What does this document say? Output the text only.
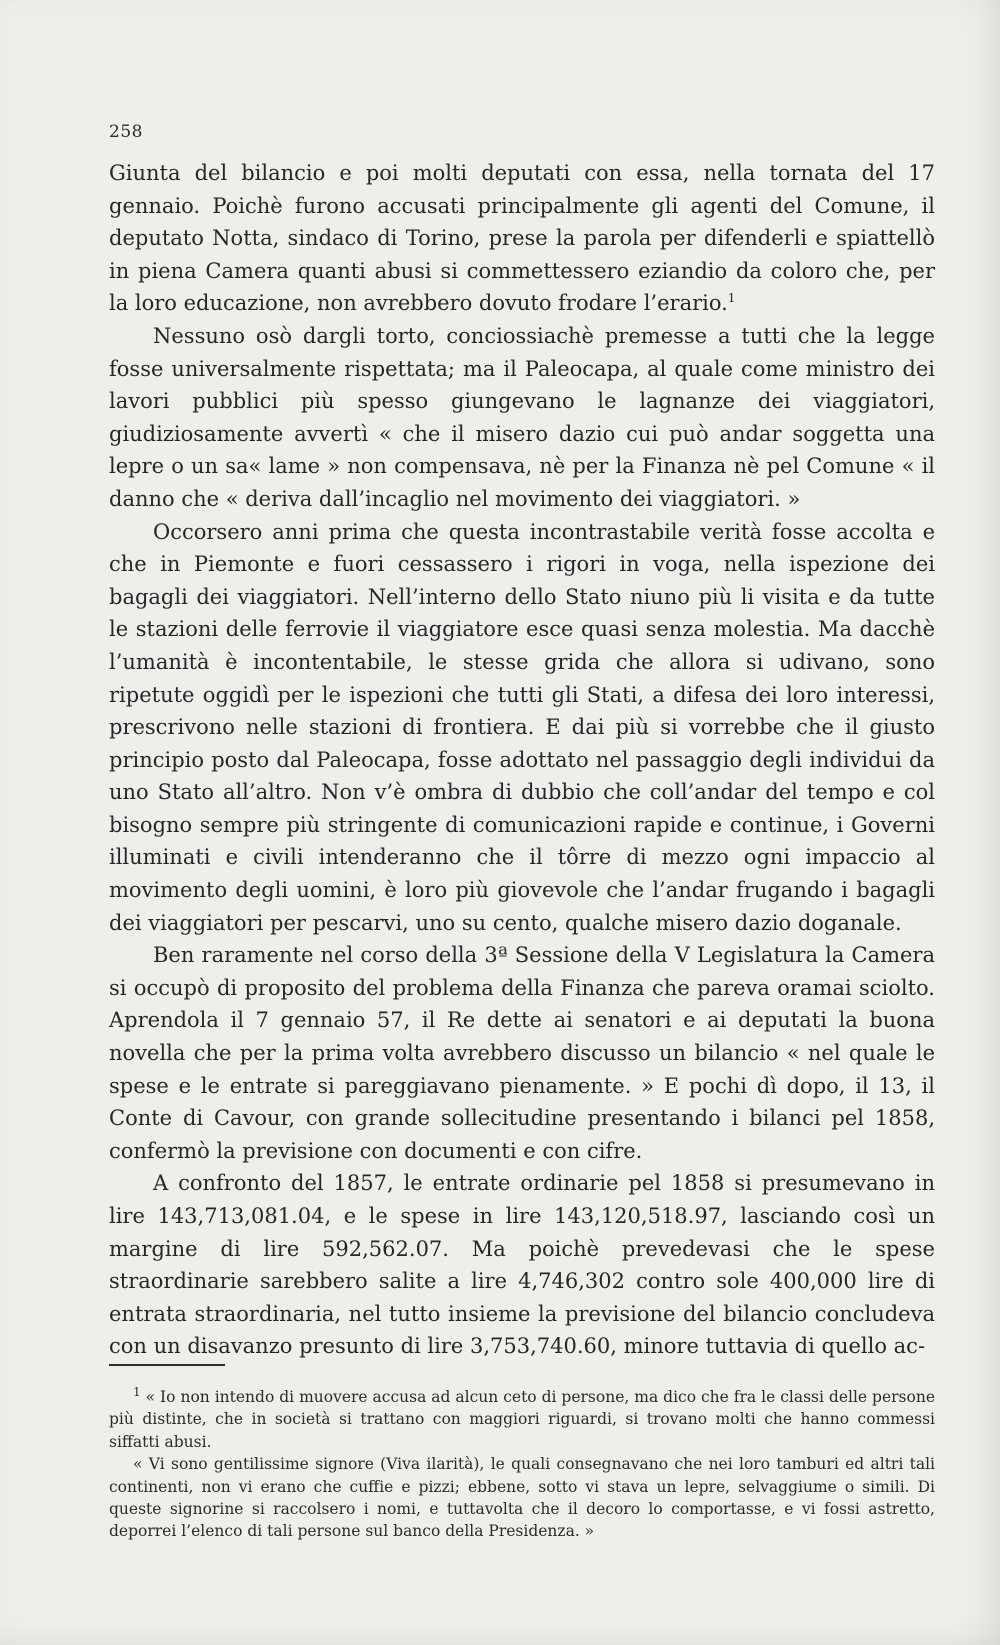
258

Giunta del bilancio e poi molti deputati con essa, nella tornata del 17 gennaio. Poichè furono accusati principalmente gli agenti del Comune, il deputato Notta, sindaco di Torino, prese la parola per difenderli e spiattellò in piena Camera quanti abusi si commettessero eziandio da coloro che, per la loro educazione, non avrebbero dovuto frodare l’erario.$^1$

Nessuno osò dargli torto, conciossiachè premesse a tutti che la legge fosse universalmente rispettata; ma il Paleocapa, al quale come ministro dei lavori pubblici più spesso giungevano le lagnanze dei viaggiatori, giudiziosamente avvertì « che il misero dazio cui può andar soggetta una lepre o un sa« lame » non compensava, nè per la Finanza nè pel Comune « il danno che « deriva dall’incaglio nel movimento dei viaggiatori. »

Occorsero anni prima che questa incontrastabile verità fosse accolta e che in Piemonte e fuori cessassero i rigori in voga, nella ispezione dei bagagli dei viaggiatori. Nell’interno dello Stato niuno più li visita e da tutte le stazioni delle ferrovie il viaggiatore esce quasi senza molestia. Ma dacchè l’umanità è incontentabile, le stesse grida che allora si udivano, sono ripetute oggidì per le ispezioni che tutti gli Stati, a difesa dei loro interessi, prescrivono nelle stazioni di frontiera. E dai più si vorrebbe che il giusto principio posto dal Paleocapa, fosse adottato nel passaggio degli individui da uno Stato all’altro. Non v’è ombra di dubbio che coll’andar del tempo e col bisogno sempre più stringente di comunicazioni rapide e continue, i Governi illuminati e civili intenderanno che il tôrre di mezzo ogni impaccio al movimento degli uomini, è loro più giovevole che l’andar frugando i bagagli dei viaggiatori per pescarvi, uno su cento, qualche misero dazio doganale.

Ben raramente nel corso della 3ª Sessione della V Legislatura la Camera si occupò di proposito del problema della Finanza che pareva oramai sciolto. Aprendola il 7 gennaio 57, il Re dette ai senatori e ai deputati la buona novella che per la prima volta avrebbero discusso un bilancio « nel quale le spese e le entrate si pareggiavano pienamente. » E pochi dì dopo, il 13, il Conte di Cavour, con grande sollecitudine presentando i bilanci pel 1858, confermò la previsione con documenti e con cifre.

A confronto del 1857, le entrate ordinarie pel 1858 si presumevano in lire 143,713,081.04, e le spese in lire 143,120,518.97, lasciando così un margine di lire 592,562.07. Ma poichè prevedevasi che le spese straordinarie sarebbero salite a lire 4,746,302 contro sole 400,000 lire di entrata straordinaria, nel tutto insieme la previsione del bilancio concludeva con un disavanzo presunto di lire 3,753,740.60, minore tuttavia di quello ac-

$^1$ « Io non intendo di muovere accusa ad alcun ceto di persone, ma dico che fra le classi delle persone più distinte, che in società si trattano con maggiori riguardi, si trovano molti che hanno commessi siffatti abusi.

« Vi sono gentilissime signore (Viva ilarità), le quali consegnavano che nei loro tamburi ed altri tali continenti, non vi erano che cuffie e pizzi; ebbene, sotto vi stava un lepre, selvaggiume o simili. Di queste signorine si raccolsero i nomi, e tuttavolta che il decoro lo comportasse, e vi fossi astretto, deporrei l’elenco di tali persone sul banco della Presidenza. »
